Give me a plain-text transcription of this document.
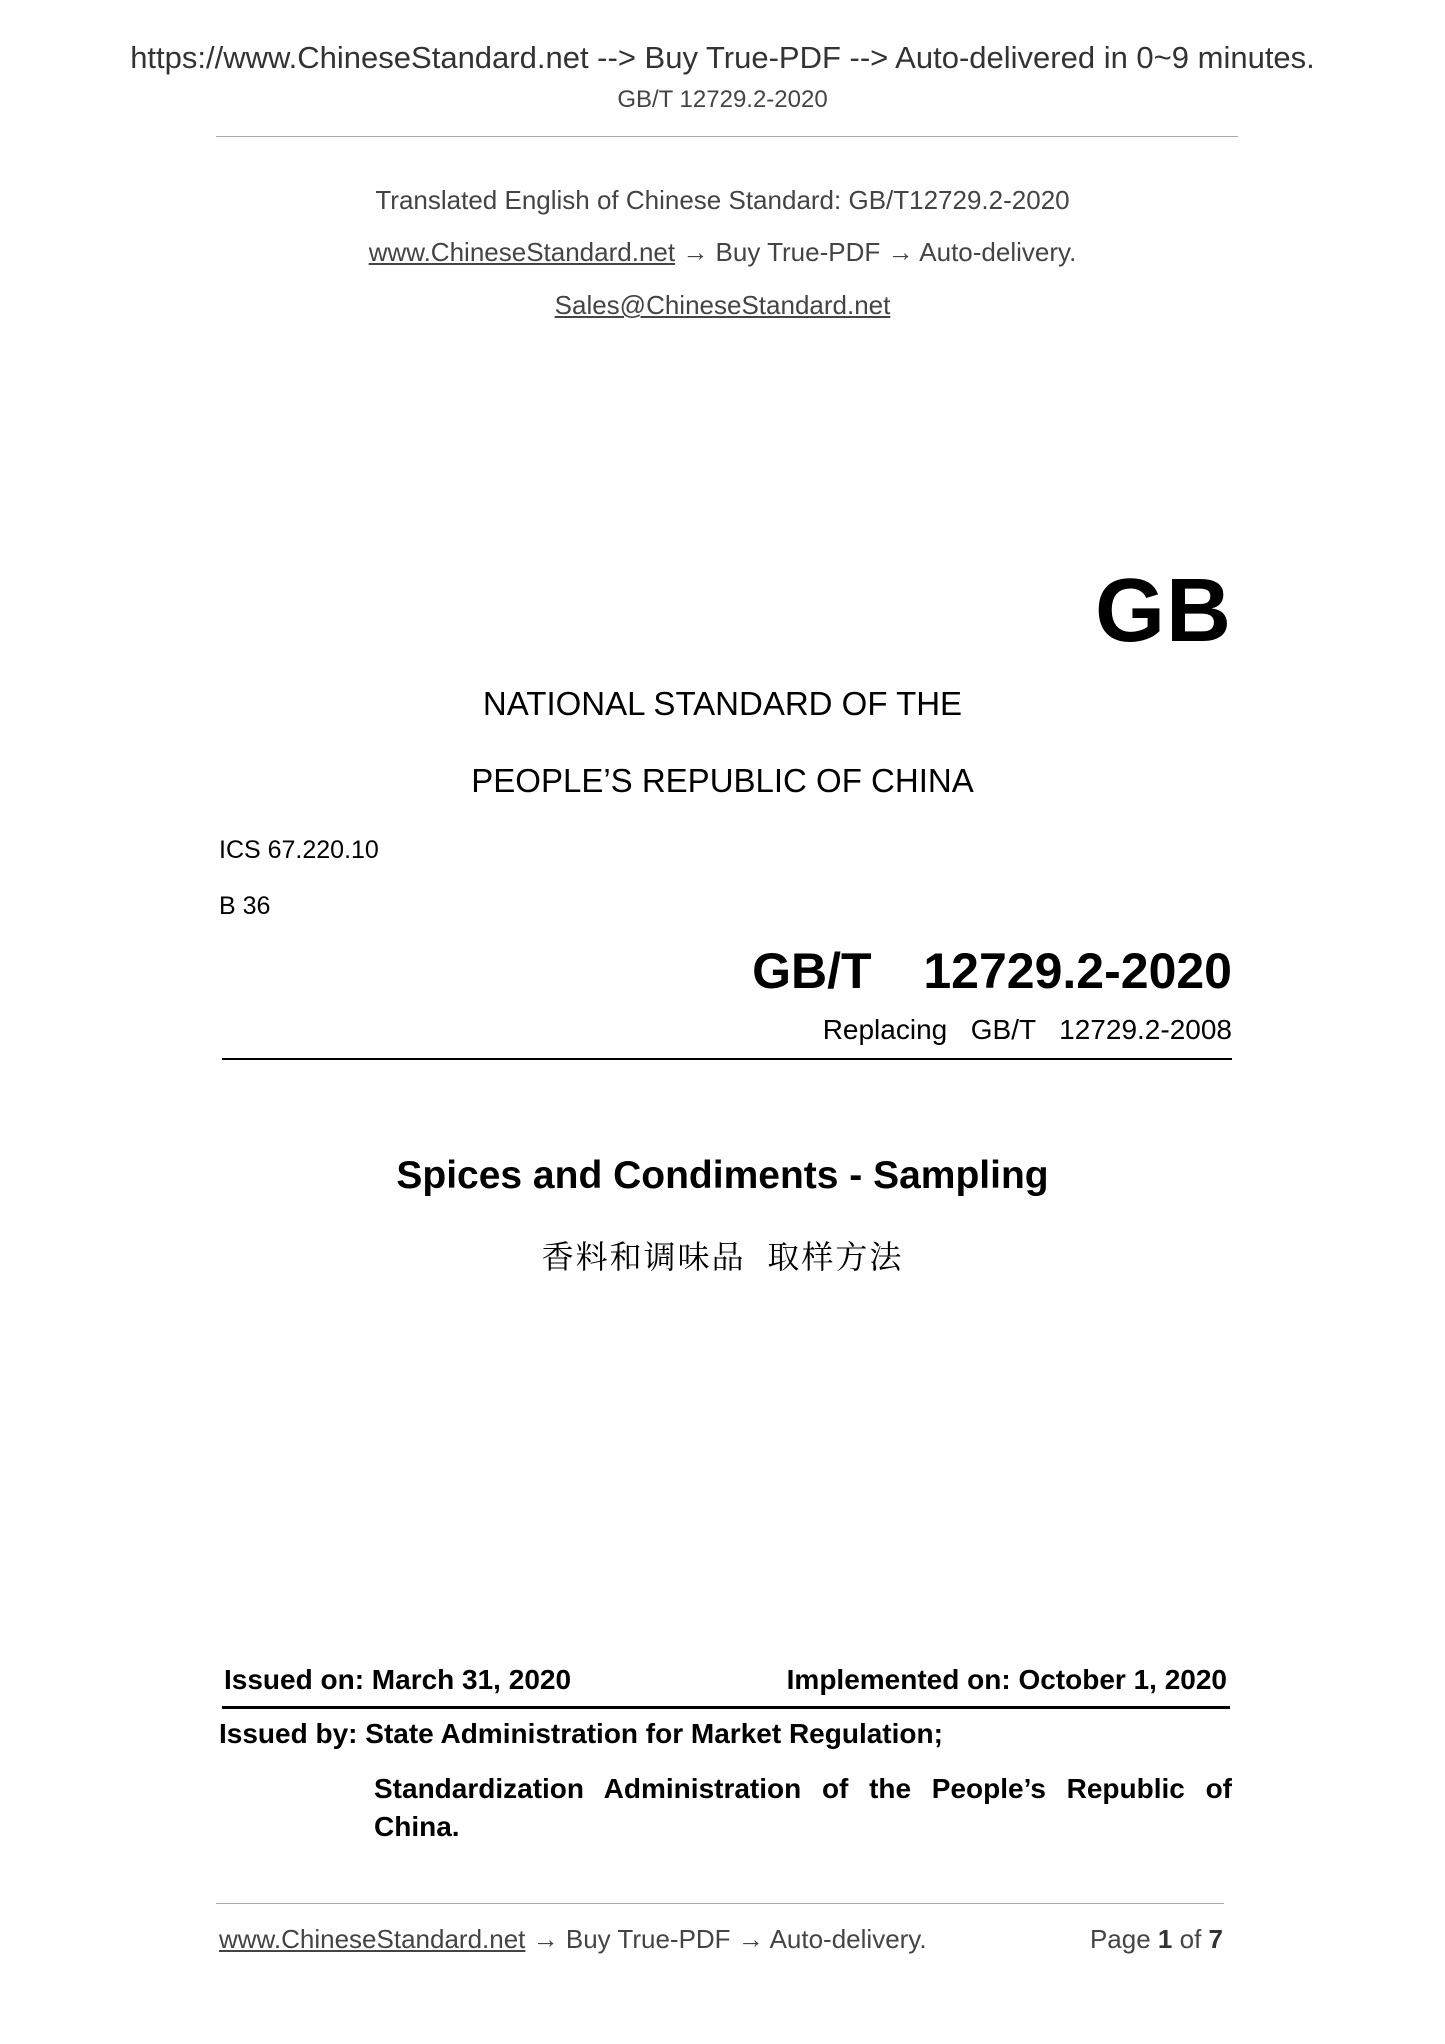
https://www.ChineseStandard.net --> Buy True-PDF --> Auto-delivered in 0~9 minutes.
GB/T 12729.2-2020
Translated English of Chinese Standard: GB/T12729.2-2020
www.ChineseStandard.net → Buy True-PDF → Auto-delivery.
Sales@ChineseStandard.net
GB
NATIONAL STANDARD OF THE
PEOPLE’S REPUBLIC OF CHINA
ICS 67.220.10
B 36
GB/T  12729.2-2020
Replacing  GB/T  12729.2-2008
Spices and Condiments - Sampling
香料和调味品  取样方法
Issued on: March 31, 2020	Implemented on: October 1, 2020
Issued by: State Administration for Market Regulation;
Standardization Administration of the People’s Republic of China.
www.ChineseStandard.net → Buy True-PDF → Auto-delivery.	Page 1 of 7
